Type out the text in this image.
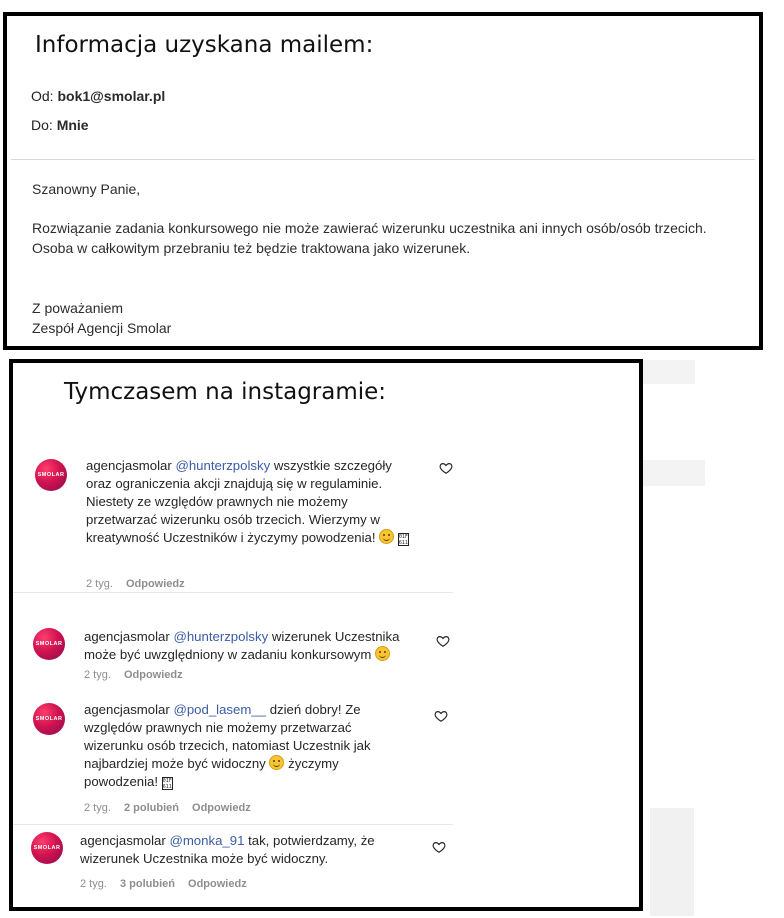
Informacja uzyskana mailem:
Od: bok1@smolar.pl
Do: Mnie

Szanowny Panie,

Rozwiązanie zadania konkursowego nie może zawierać wizerunku uczestnika ani innych osób/osób trzecich.

Osoba w całkowitym przebraniu też będzie traktowana jako wizerunek.

Z poważaniem

Zespół Agencji Smolar

Tymczasem na instagramie:
SMOLAR
agencjasmolar @hunterzpolsky wszystkie szczegóły oraz ograniczenia akcji znajdują się w regulaminie. Niestety ze względów prawnych nie możemy przetwarzać wizerunku osób trzecich. Wierzymy w kreatywność Uczestników i życzymy powodzenia!	01F 611
2 tyg. Odpowiedz
SMOLAR agencjasmolar @hunterzpolsky wizerunek Uczestnika może być uwzględniony w zadaniu konkursowym
2 tyg. Odpowiedz
SMOLAR
agencjasmolar @pod_lasem__ dzień dobry! Ze względów prawnych nie możemy przetwarzać wizerunku osób trzecich, natomiast Uczestnik jak najbardziej może być widoczny życzymy powodzenia! 01F 611
2 tyg. 2 polubień Odpowiedz
SMOLAR agencjasmolar @monka_91 tak, potwierdzamy, że wizerunek Uczestnika może być widoczny.
2 tyg. 3 polubień Odpowiedz
